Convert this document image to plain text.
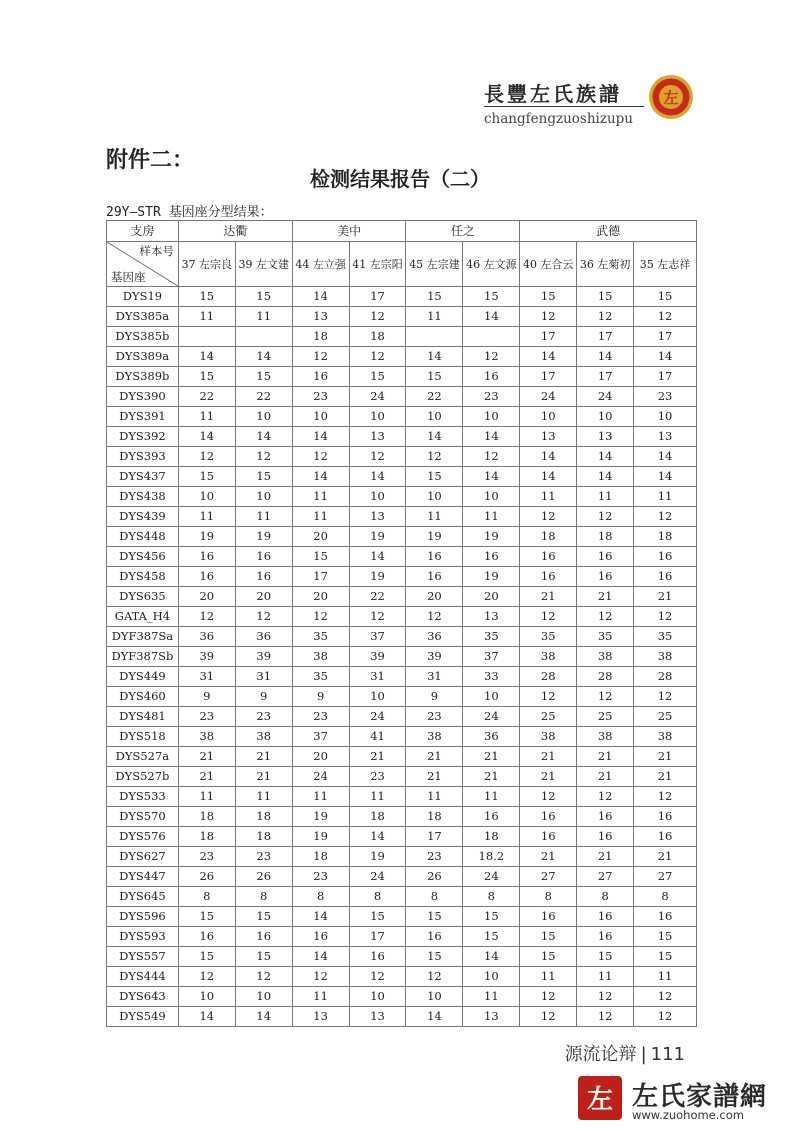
長豐左氏族譜
changfengzuoshizupu
左
附件二：
检测结果报告（二）
29Y—STR 基因座分型结果：
支房	达衢		美中		任之		武德		

样本号
基因座	37 左宗良	39 左文建	44 左立强	41 左宗阳	45 左宗建	46 左文源	40 左合云	36 左菊初	35 左志祥
DYS19	15	15	14	17	15	15	15	15	15
DYS385a	11	11	13	12	11	14	12	12	12
DYS385b			18	18			17	17	17
DYS389a	14	14	12	12	14	12	14	14	14
DYS389b	15	15	16	15	15	16	17	17	17
DYS390	22	22	23	24	22	23	24	24	23
DYS391	11	10	10	10	10	10	10	10	10
DYS392	14	14	14	13	14	14	13	13	13
DYS393	12	12	12	12	12	12	14	14	14
DYS437	15	15	14	14	15	14	14	14	14
DYS438	10	10	11	10	10	10	11	11	11
DYS439	11	11	11	13	11	11	12	12	12
DYS448	19	19	20	19	19	19	18	18	18
DYS456	16	16	15	14	16	16	16	16	16
DYS458	16	16	17	19	16	19	16	16	16
DYS635	20	20	20	22	20	20	21	21	21
GATA_H4	12	12	12	12	12	13	12	12	12
DYF387Sa	36	36	35	37	36	35	35	35	35
DYF387Sb	39	39	38	39	39	37	38	38	38
DYS449	31	31	35	31	31	33	28	28	28
DYS460	9	9	9	10	9	10	12	12	12
DYS481	23	23	23	24	23	24	25	25	25
DYS518	38	38	37	41	38	36	38	38	38
DYS527a	21	21	20	21	21	21	21	21	21
DYS527b	21	21	24	23	21	21	21	21	21
DYS533	11	11	11	11	11	11	12	12	12
DYS570	18	18	19	18	18	16	16	16	16
DYS576	18	18	19	14	17	18	16	16	16
DYS627	23	23	18	19	23	18.2	21	21	21
DYS447	26	26	23	24	26	24	27	27	27
DYS645	8	8	8	8	8	8	8	8	8
DYS596	15	15	14	15	15	15	16	16	16
DYS593	16	16	16	17	16	15	15	16	15
DYS557	15	15	14	16	15	14	15	15	15
DYS444	12	12	12	12	12	10	11	11	11
DYS643	10	10	11	10	10	11	12	12	12
DYS549	14	14	13	13	14	13	12	12	12
源流论辩 | 111
左 左氏家譜網
www.zuohome.com
